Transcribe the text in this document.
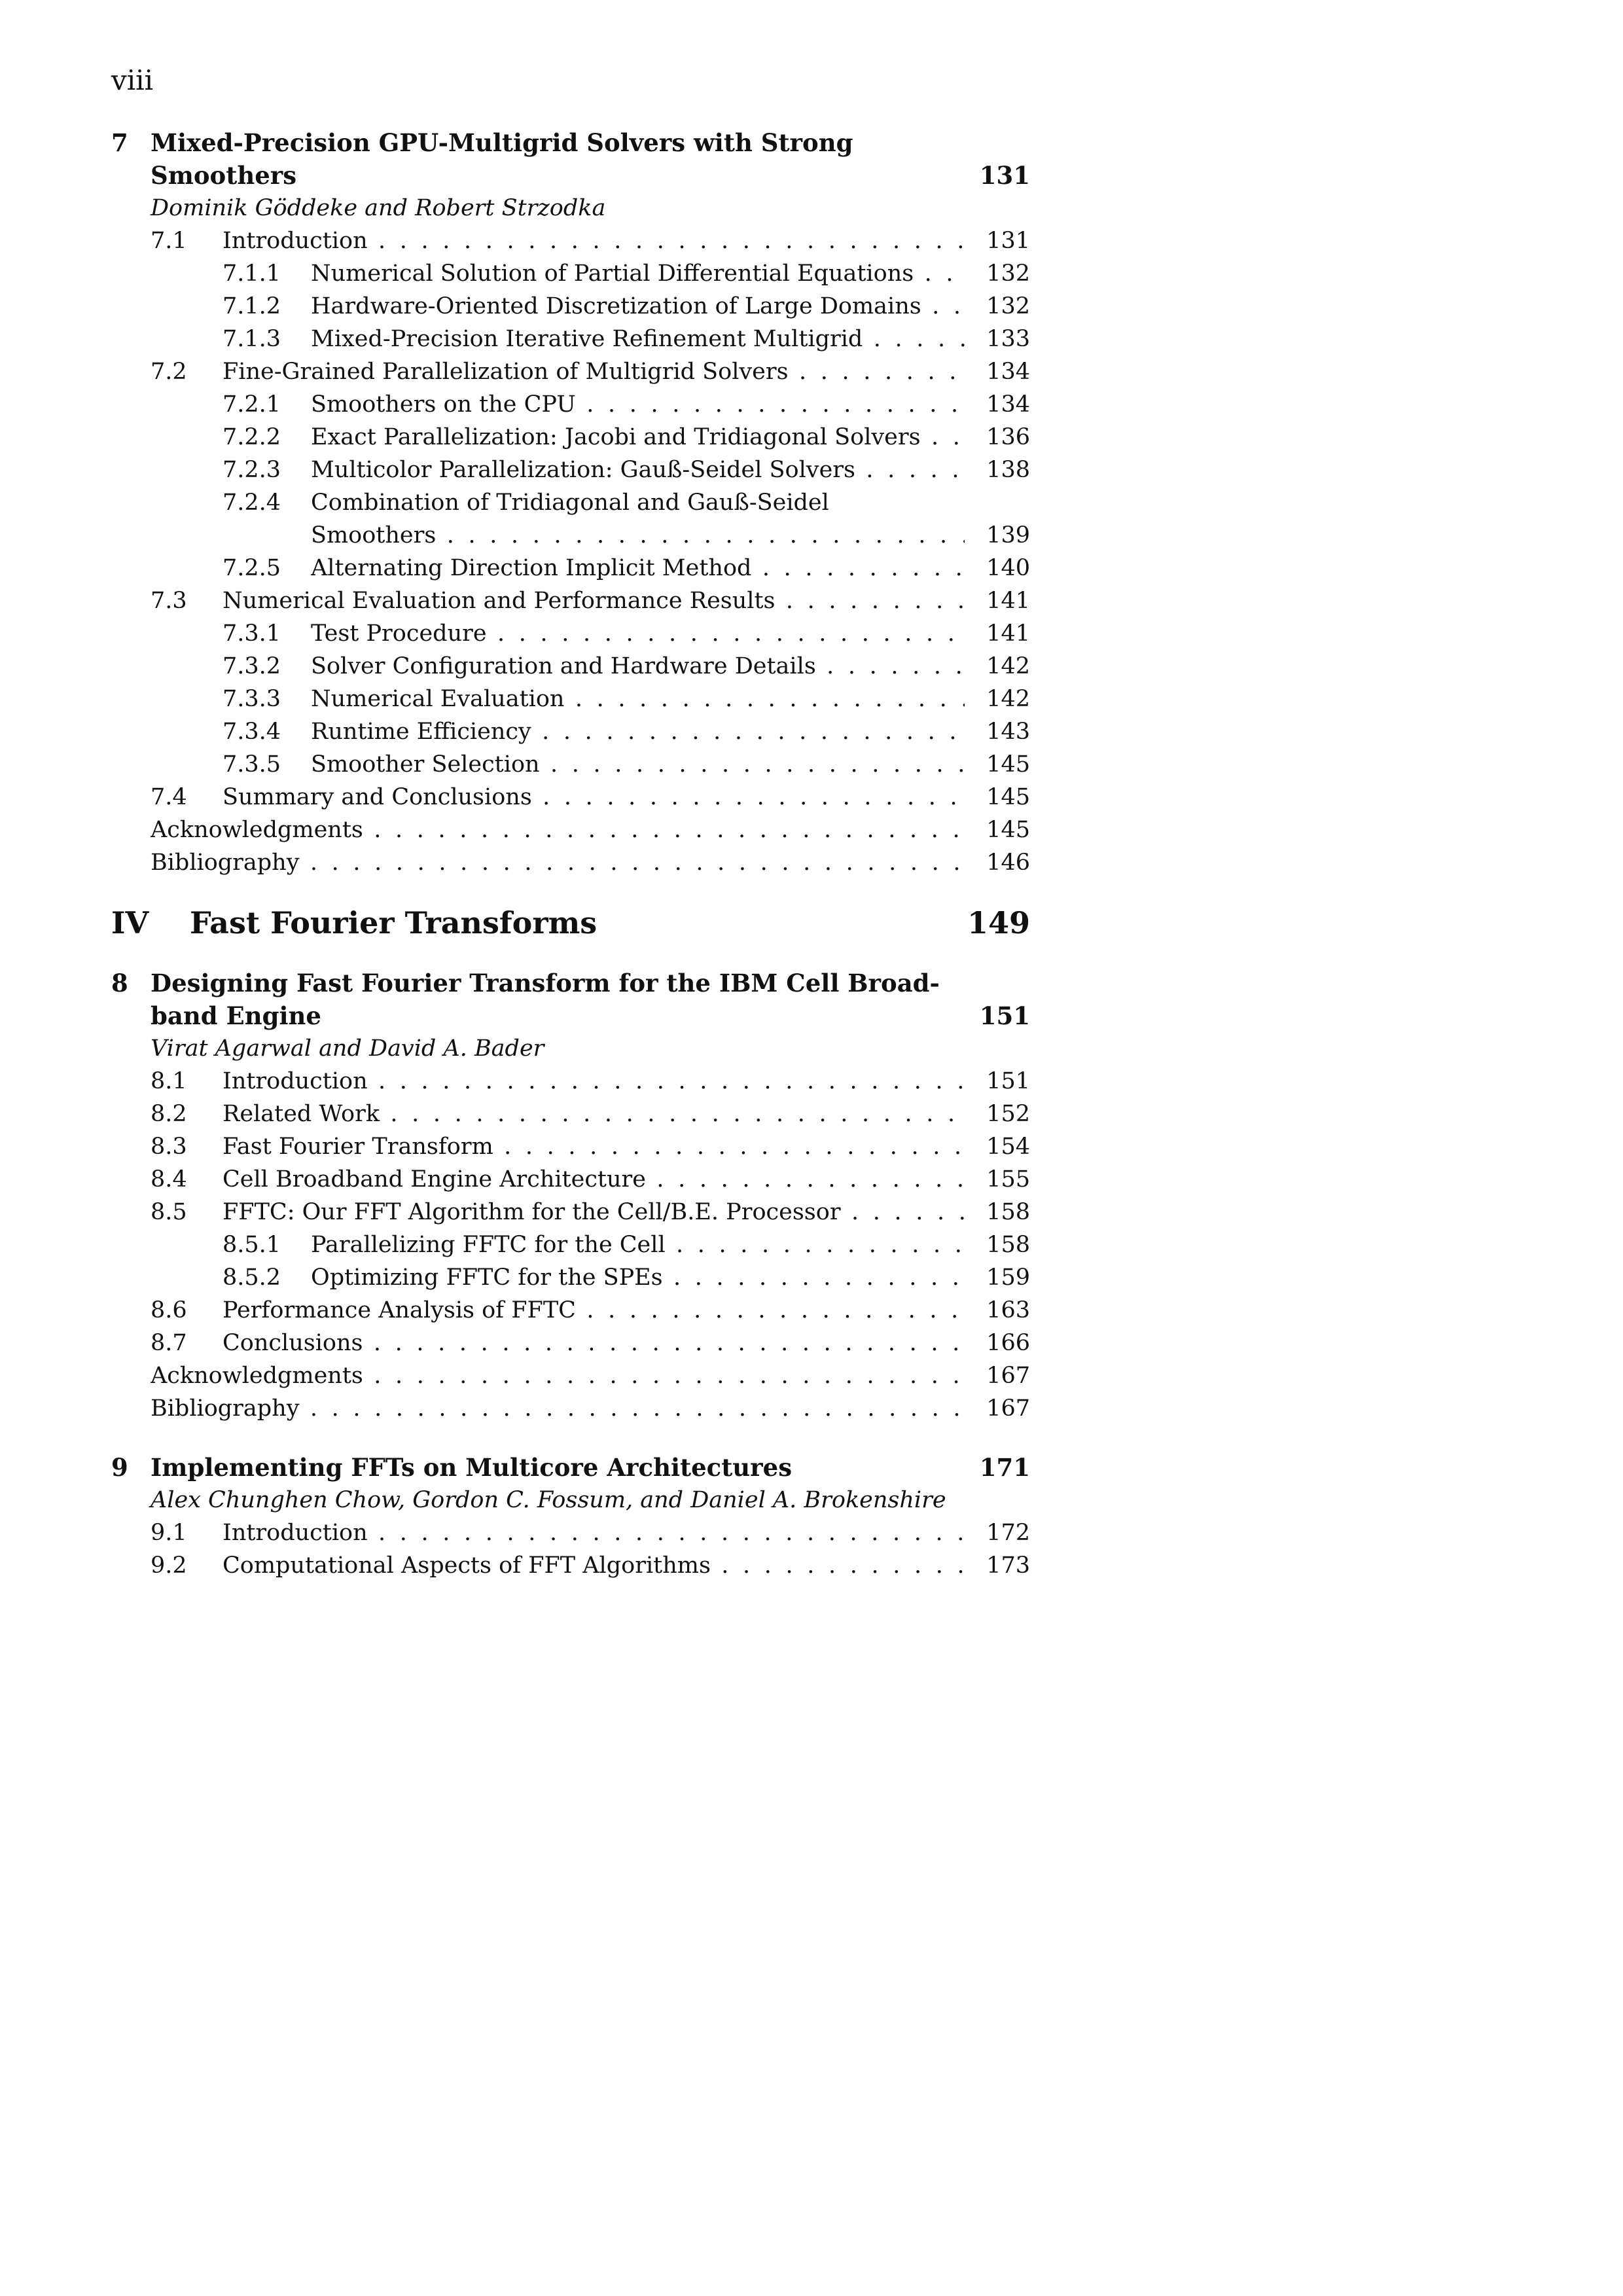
viii
7 Mixed-Precision GPU-Multigrid Solvers with Strong
Smoothers	131
Dominik Göddeke and Robert Strzodka
7.1 Introduction . . .	131
7.1.1 Numerical Solution of Partial Differential Equations . . .	132
7.1.2 Hardware-Oriented Discretization of Large Domains . . .	132
7.1.3 Mixed-Precision Iterative Refinement Multigrid . . .	133
7.2 Fine-Grained Parallelization of Multigrid Solvers . . .	134
7.2.1 Smoothers on the CPU . . .	134
7.2.2 Exact Parallelization: Jacobi and Tridiagonal Solvers . . .	136
7.2.3 Multicolor Parallelization: Gauß-Seidel Solvers . . .	138
7.2.4 Combination of Tridiagonal and Gauß-Seidel
Smoothers . . .	139
7.2.5 Alternating Direction Implicit Method . . .	140
7.3 Numerical Evaluation and Performance Results . . .	141
7.3.1 Test Procedure . . .	141
7.3.2 Solver Configuration and Hardware Details . . .	142
7.3.3 Numerical Evaluation . . .	142
7.3.4 Runtime Efficiency . . .	143
7.3.5 Smoother Selection . . .	145
7.4 Summary and Conclusions . . .	145
Acknowledgments . . .	145
Bibliography . . .	146
IV Fast Fourier Transforms	149
8 Designing Fast Fourier Transform for the IBM Cell Broad-
band Engine	151
Virat Agarwal and David A. Bader
8.1 Introduction . . .	151
8.2 Related Work . . .	152
8.3 Fast Fourier Transform . . .	154
8.4 Cell Broadband Engine Architecture . . .	155
8.5 FFTC: Our FFT Algorithm for the Cell/B.E. Processor . . .	158
8.5.1 Parallelizing FFTC for the Cell . . .	158
8.5.2 Optimizing FFTC for the SPEs . . .	159
8.6 Performance Analysis of FFTC . . .	163
8.7 Conclusions . . .	166
Acknowledgments . . .	167
Bibliography . . .	167
9 Implementing FFTs on Multicore Architectures	171
Alex Chunghen Chow, Gordon C. Fossum, and Daniel A. Brokenshire
9.1 Introduction . . .	172
9.2 Computational Aspects of FFT Algorithms . . .	173
